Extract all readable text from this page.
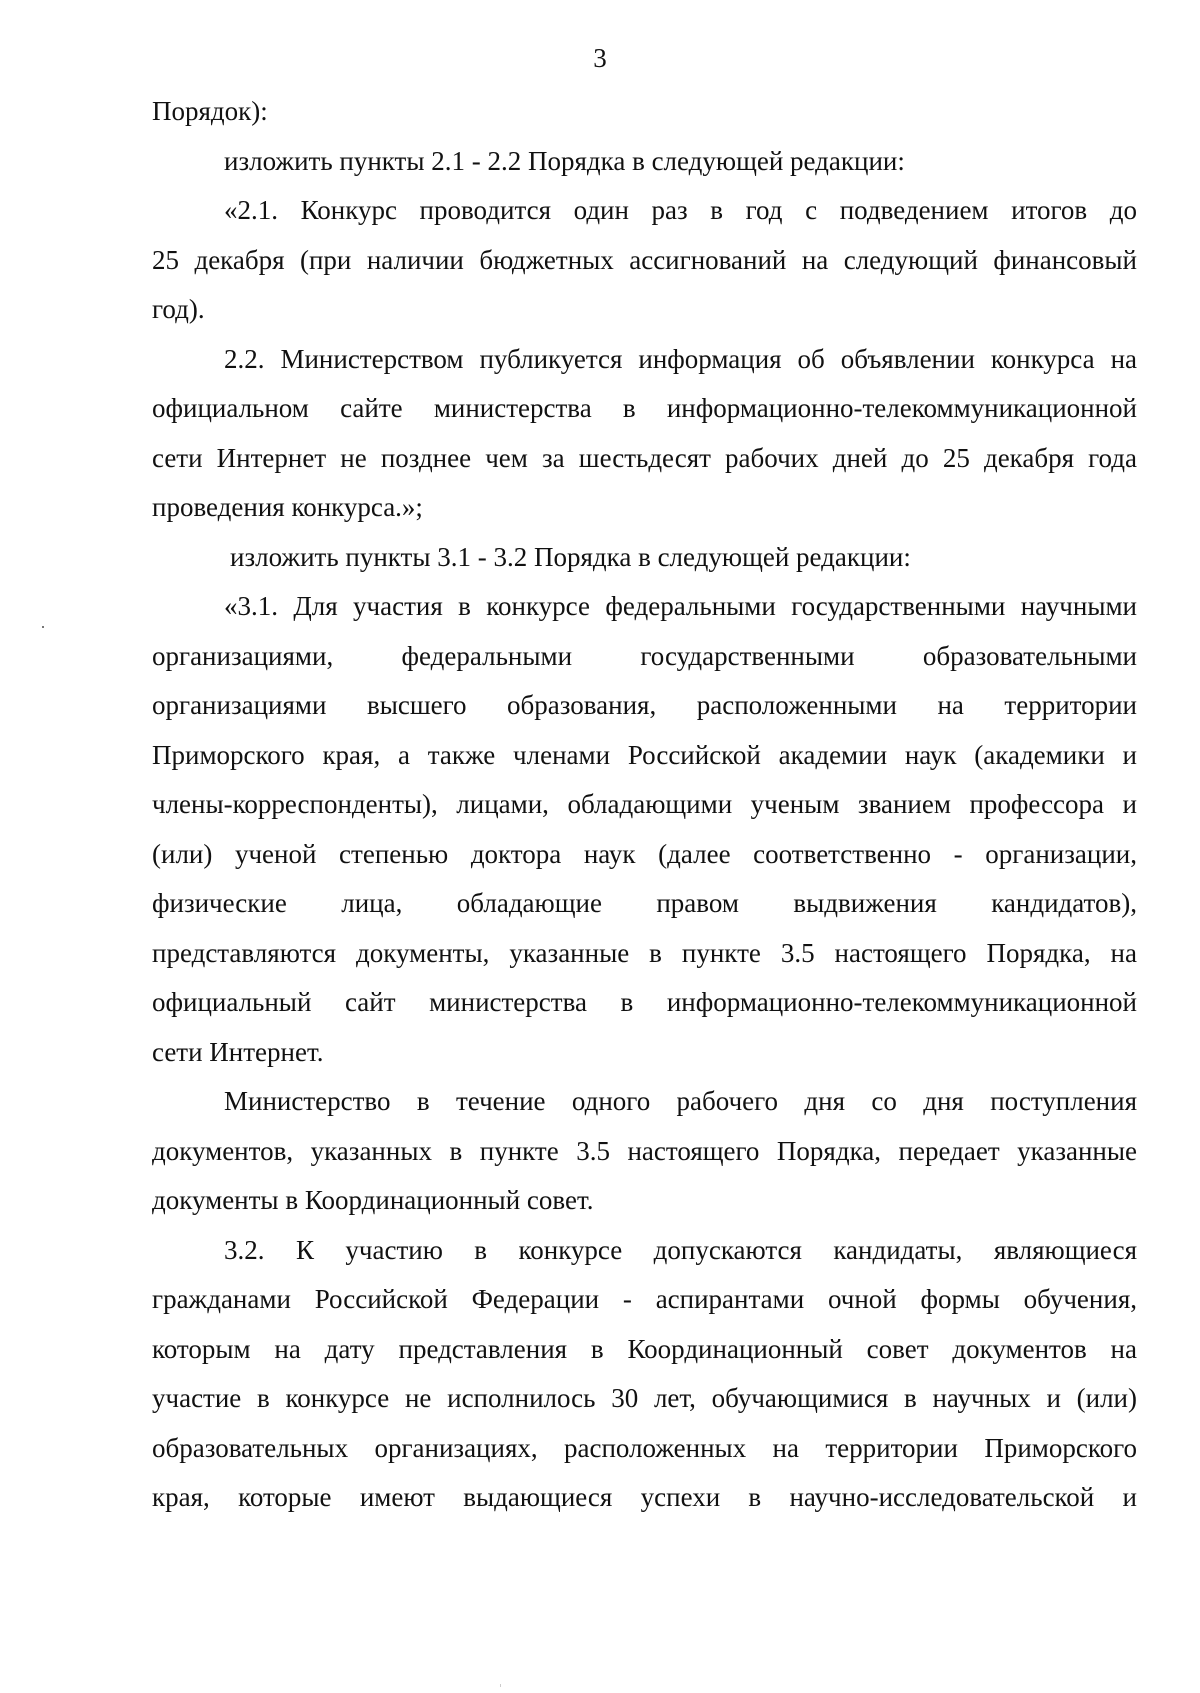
3
Порядок):
изложить пункты 2.1 - 2.2 Порядка в следующей редакции:
«2.1. Конкурс проводится один раз в год с подведением итогов до
25 декабря (при наличии бюджетных ассигнований на следующий финансовый
год).
2.2. Министерством публикуется информация об объявлении конкурса на
официальном сайте министерства в информационно-телекоммуникационной
сети Интернет не позднее чем за шестьдесят рабочих дней до 25 декабря года
проведения конкурса.»;
изложить пункты 3.1 - 3.2 Порядка в следующей редакции:
«3.1. Для участия в конкурсе федеральными государственными научными
организациями, федеральными государственными образовательными
организациями высшего образования, расположенными на территории
Приморского края, а также членами Российской академии наук (академики и
члены-корреспонденты), лицами, обладающими ученым званием профессора и
(или) ученой степенью доктора наук (далее соответственно - организации,
физические лица, обладающие правом выдвижения кандидатов),
представляются документы, указанные в пункте 3.5 настоящего Порядка, на
официальный сайт министерства в информационно-телекоммуникационной
сети Интернет.
Министерство в течение одного рабочего дня со дня поступления
документов, указанных в пункте 3.5 настоящего Порядка, передает указанные
документы в Координационный совет.
3.2. К участию в конкурсе допускаются кандидаты, являющиеся
гражданами Российской Федерации - аспирантами очной формы обучения,
которым на дату представления в Координационный совет документов на
участие в конкурсе не исполнилось 30 лет, обучающимися в научных и (или)
образовательных организациях, расположенных на территории Приморского
края, которые имеют выдающиеся успехи в научно-исследовательской и
